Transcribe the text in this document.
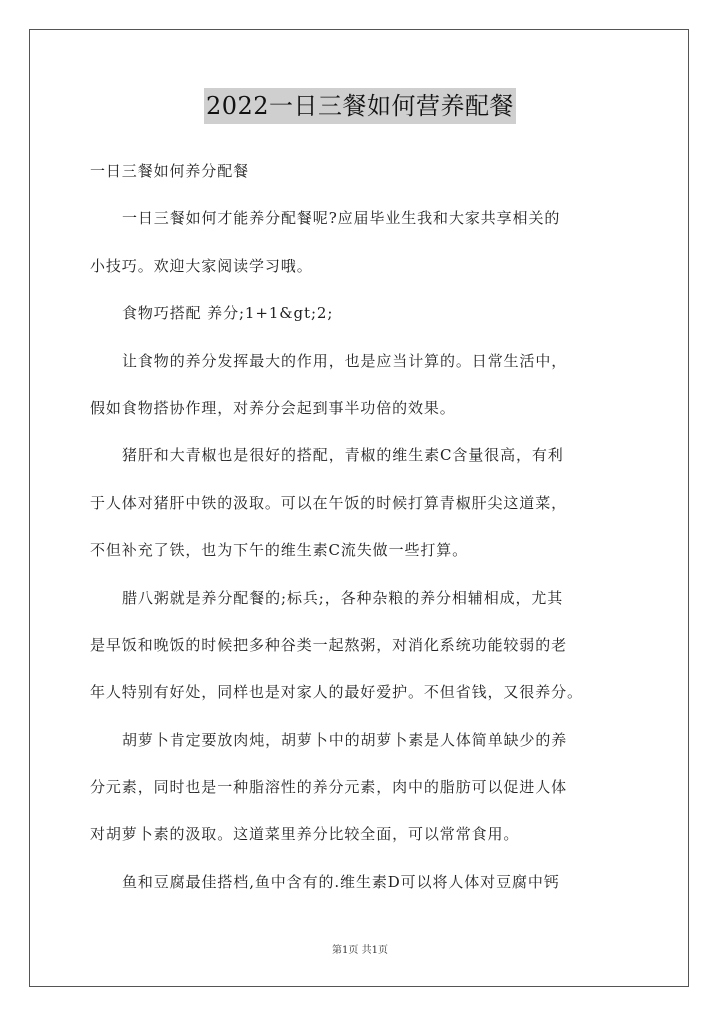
2022一日三餐如何营养配餐
一日三餐如何养分配餐
一日三餐如何才能养分配餐呢?应届毕业生我和大家共享相关的
小技巧。欢迎大家阅读学习哦。
食物巧搭配 养分;1+1&gt;2;
让食物的养分发挥最大的作用，也是应当计算的。日常生活中，
假如食物搭协作理，对养分会起到事半功倍的效果。
猪肝和大青椒也是很好的搭配，青椒的维生素C含量很高，有利
于人体对猪肝中铁的汲取。可以在午饭的时候打算青椒肝尖这道菜，
不但补充了铁，也为下午的维生素C流失做一些打算。
腊八粥就是养分配餐的;标兵;，各种杂粮的养分相辅相成，尤其
是早饭和晚饭的时候把多种谷类一起熬粥，对消化系统功能较弱的老
年人特别有好处，同样也是对家人的最好爱护。不但省钱，又很养分。
胡萝卜肯定要放肉炖，胡萝卜中的胡萝卜素是人体简单缺少的养
分元素，同时也是一种脂溶性的养分元素，肉中的脂肪可以促进人体
对胡萝卜素的汲取。这道菜里养分比较全面，可以常常食用。
鱼和豆腐最佳搭档,鱼中含有的.维生素D可以将人体对豆腐中钙
第1页 共1页
